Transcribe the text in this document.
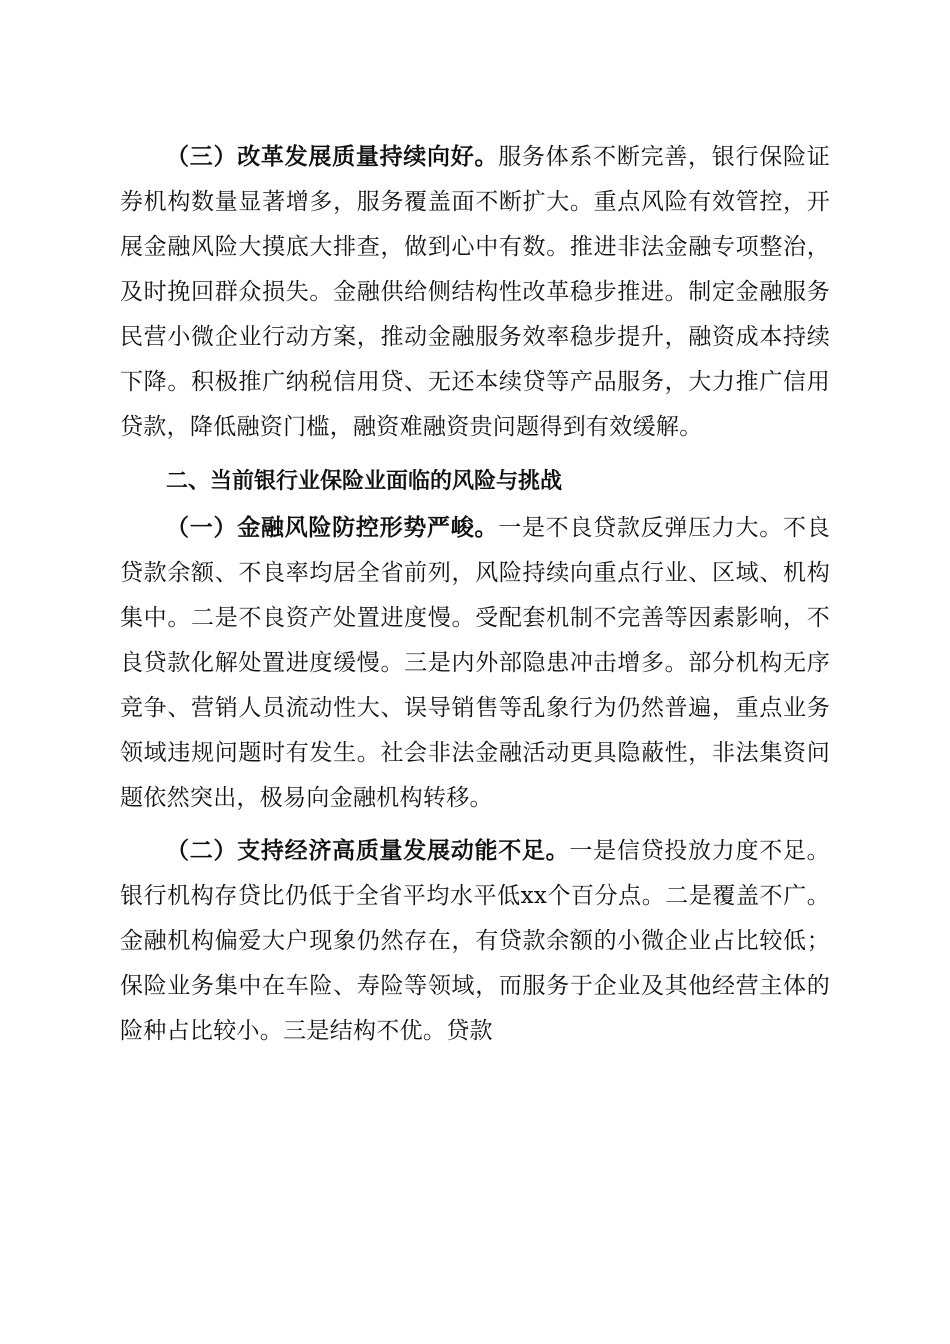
（三）改革发展质量持续向好。服务体系不断完善，银行保险证券机构数量显著增多，服务覆盖面不断扩大。重点风险有效管控，开展金融风险大摸底大排查，做到心中有数。推进非法金融专项整治，及时挽回群众损失。金融供给侧结构性改革稳步推进。制定金融服务民营小微企业行动方案，推动金融服务效率稳步提升，融资成本持续下降。积极推广纳税信用贷、无还本续贷等产品服务，大力推广信用贷款，降低融资门槛，融资难融资贵问题得到有效缓解。

二、当前银行业保险业面临的风险与挑战

（一）金融风险防控形势严峻。一是不良贷款反弹压力大。不良贷款余额、不良率均居全省前列，风险持续向重点行业、区域、机构集中。二是不良资产处置进度慢。受配套机制不完善等因素影响，不良贷款化解处置进度缓慢。三是内外部隐患冲击增多。部分机构无序竞争、营销人员流动性大、误导销售等乱象行为仍然普遍，重点业务领域违规问题时有发生。社会非法金融活动更具隐蔽性，非法集资问题依然突出，极易向金融机构转移。

（二）支持经济高质量发展动能不足。一是信贷投放力度不足。银行机构存贷比仍低于全省平均水平低xx个百分点。二是覆盖不广。金融机构偏爱大户现象仍然存在，有贷款余额的小微企业占比较低；保险业务集中在车险、寿险等领域，而服务于企业及其他经营主体的险种占比较小。三是结构不优。贷款
